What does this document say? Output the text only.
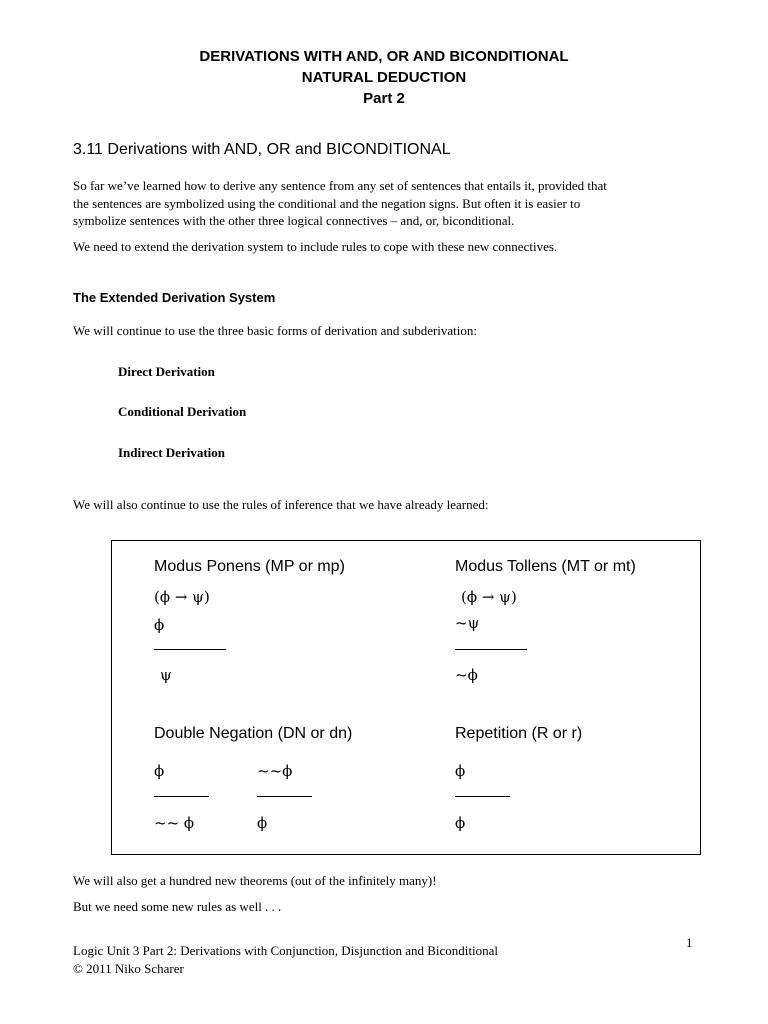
DERIVATIONS WITH AND, OR AND BICONDITIONAL
NATURAL DEDUCTION
Part 2
3.11 Derivations with AND, OR and BICONDITIONAL
So far we’ve learned how to derive any sentence from any set of sentences that entails it, provided that
the sentences are symbolized using the conditional and the negation signs. But often it is easier to
symbolize sentences with the other three logical connectives – and, or, biconditional.
We need to extend the derivation system to include rules to cope with these new connectives.
The Extended Derivation System
We will continue to use the three basic forms of derivation and subderivation:
Direct Derivation
Conditional Derivation
Indirect Derivation
We will also continue to use the rules of inference that we have already learned:
Modus Ponens (MP or mp)
(ϕ → ψ)
ϕ
ψ
Modus Tollens (MT or mt)
(ϕ → ψ)
~ψ
~ϕ
Double Negation (DN or dn)
ϕ
~~ ϕ
~~ϕ
ϕ
Repetition (R or r)
ϕ
ϕ
We will also get a hundred new theorems (out of the infinitely many)!
But we need some new rules as well . . .
1
Logic Unit 3 Part 2: Derivations with Conjunction, Disjunction and Biconditional
© 2011 Niko Scharer
